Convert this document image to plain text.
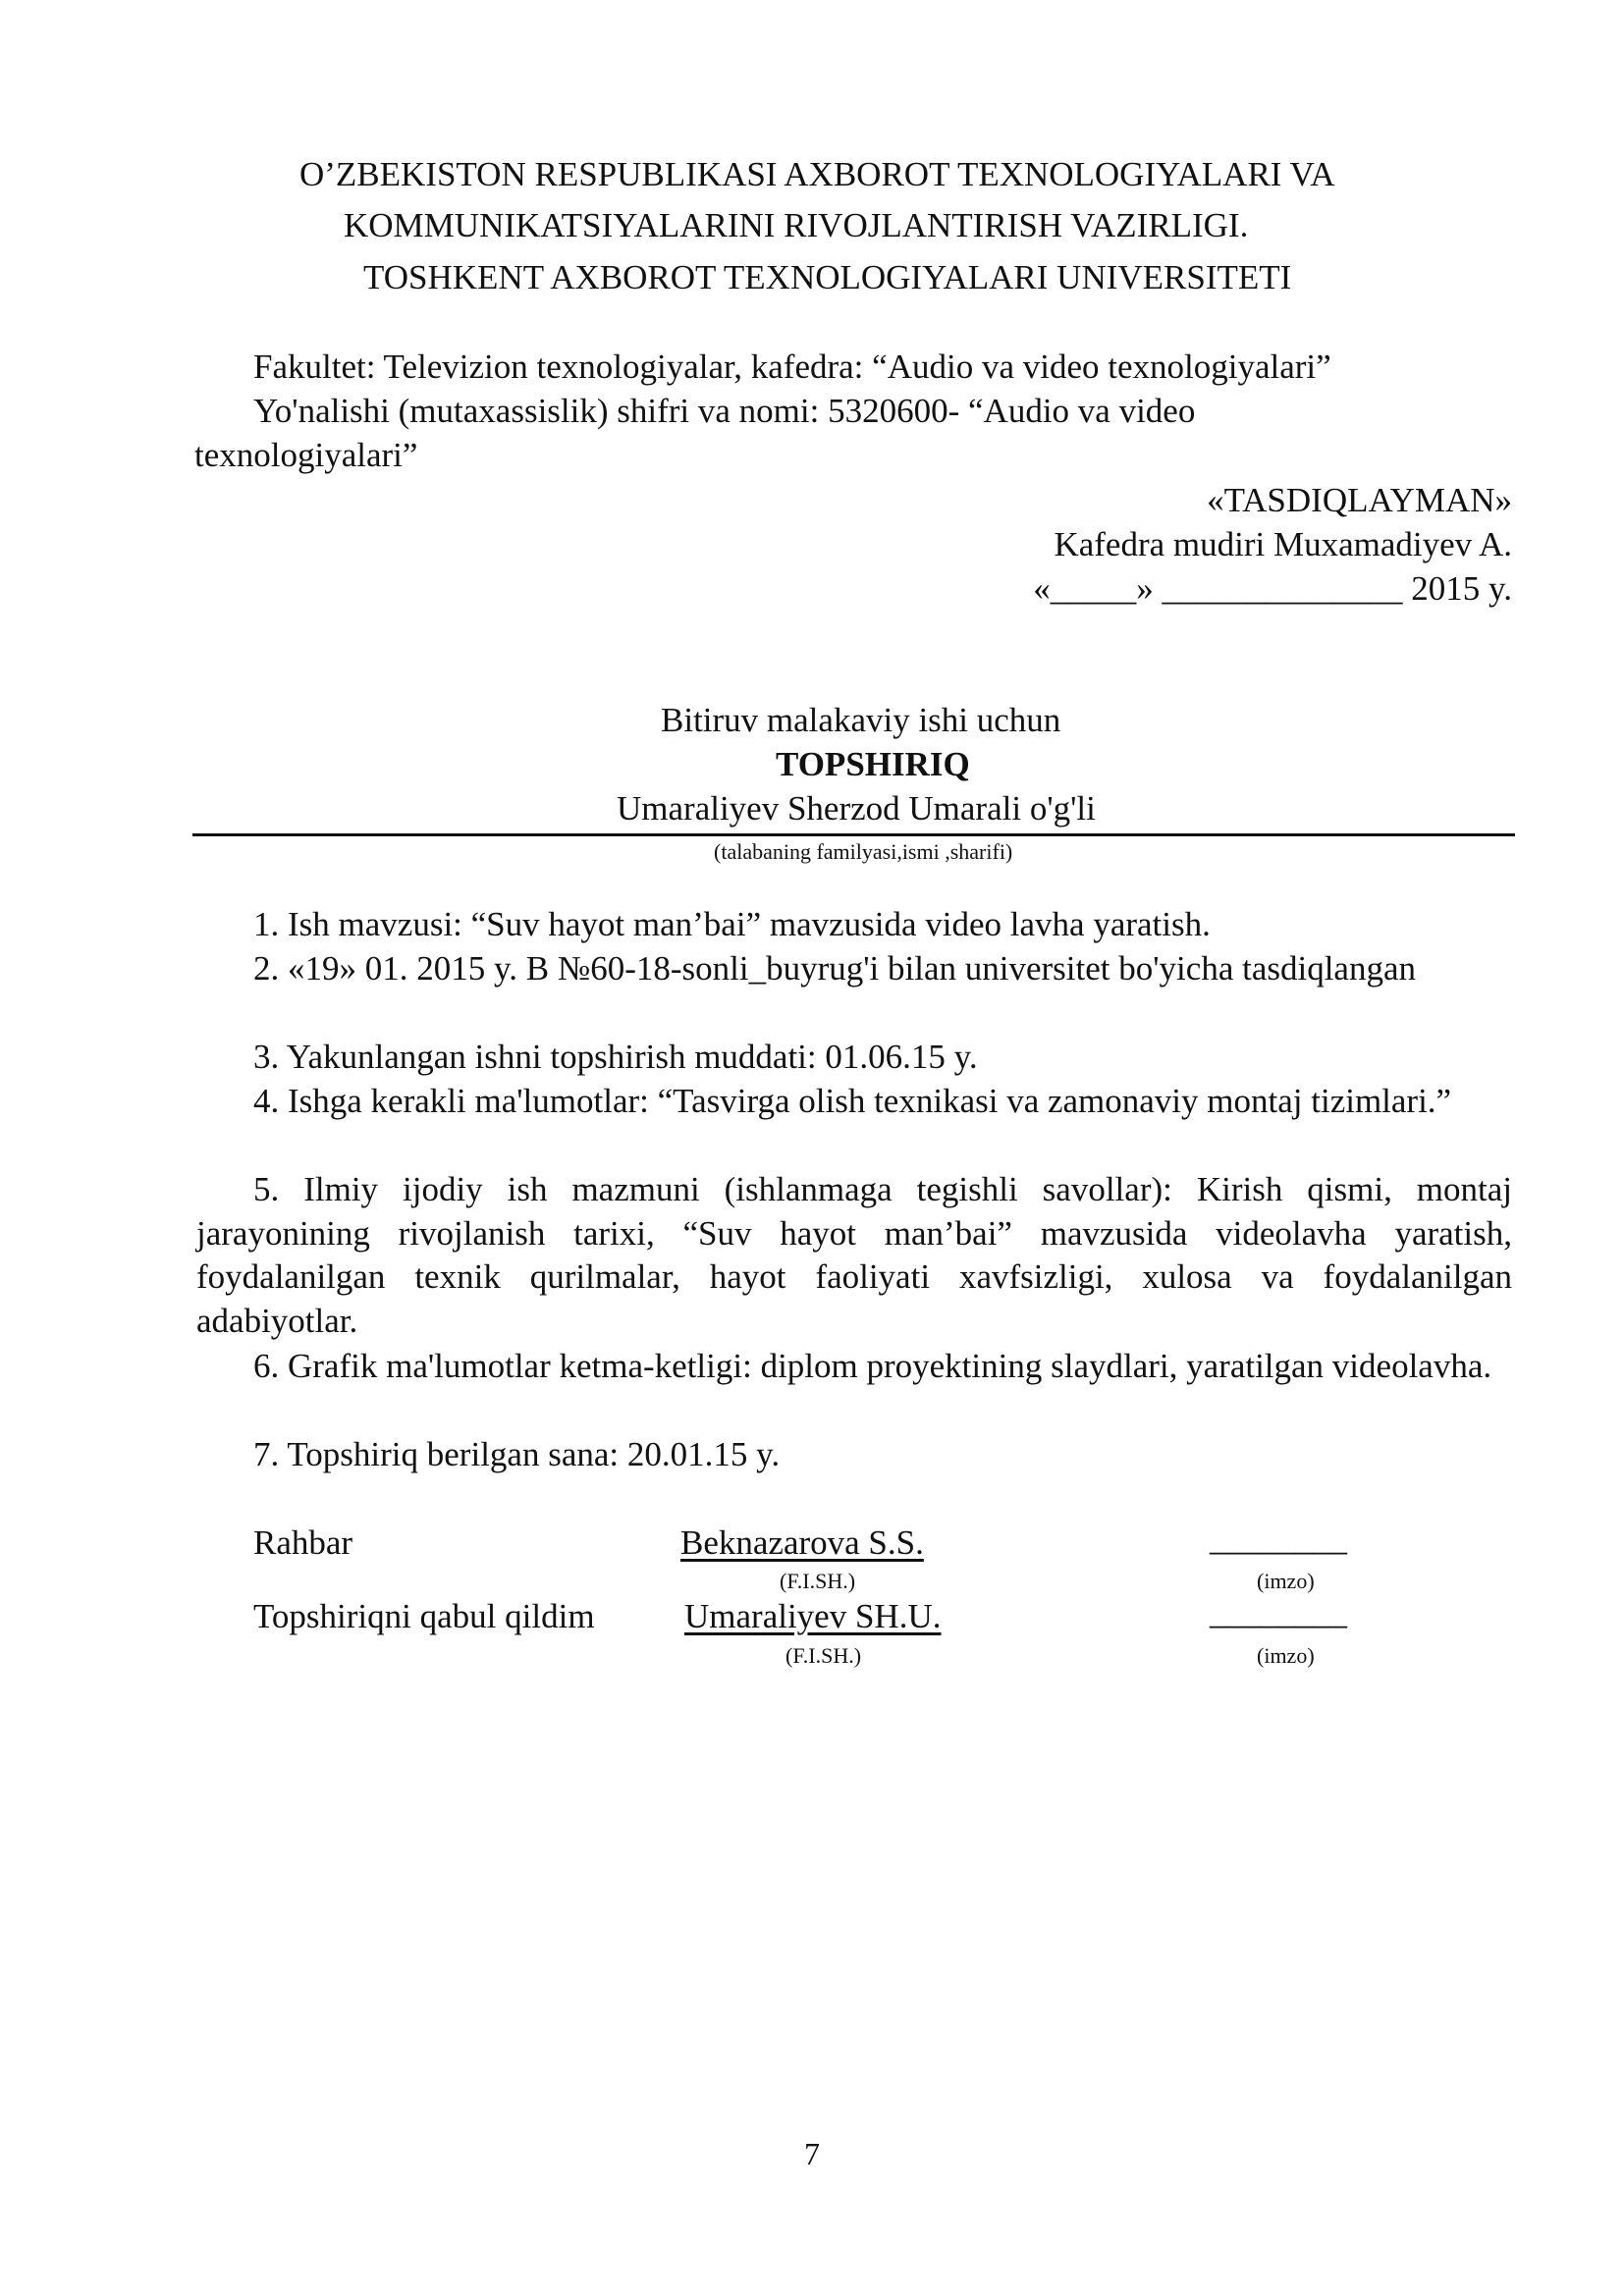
O’ZBEKISTON RESPUBLIKASI AXBOROT TEXNOLOGIYALARI VA
KOMMUNIKATSIYALARINI RIVOJLANTIRISH VAZIRLIGI.
TOSHKENT AXBOROT TEXNOLOGIYALARI UNIVERSITETI
Fakultet: Televizion texnologiyalar, kafedra: “Audio va video texnologiyalari”
Yo'nalishi (mutaxassislik) shifri va nomi: 5320600- “Audio va video
texnologiyalari”
«TASDIQLAYMAN»
Kafedra mudiri Muxamadiyev A.
«_____» ______________ 2015 y.
Bitiruv malakaviy ishi uchun
TOPSHIRIQ
Umaraliyev Sherzod Umarali o'g'li
(talabaning familyasi,ismi ,sharifi)
1. Ish mavzusi: “Suv hayot man’bai” mavzusida video lavha yaratish.
2. «19» 01. 2015 y. B №60-18-sonli_buyrug'i bilan universitet bo'yicha tasdiqlangan
3. Yakunlangan ishni topshirish muddati: 01.06.15 y.
4. Ishga kerakli ma'lumotlar: “Tasvirga olish texnikasi va zamonaviy montaj tizimlari.”
5. Ilmiy ijodiy ish mazmuni (ishlanmaga tegishli savollar): Kirish qismi, montaj jarayonining rivojlanish tarixi, “Suv hayot man’bai” mavzusida videolavha yaratish, foydalanilgan texnik qurilmalar, hayot faoliyati xavfsizligi, xulosa va foydalanilgan adabiyotlar.
6. Grafik ma'lumotlar ketma-ketligi: diplom proyektining slaydlari, yaratilgan videolavha.
7. Topshiriq berilgan sana: 20.01.15 y.
Rahbar	Beknazarova S.S.	________
(F.I.SH.)	(imzo)
Topshiriqni qabul qildim	Umaraliyev SH.U.	________
(F.I.SH.)	(imzo)
7
